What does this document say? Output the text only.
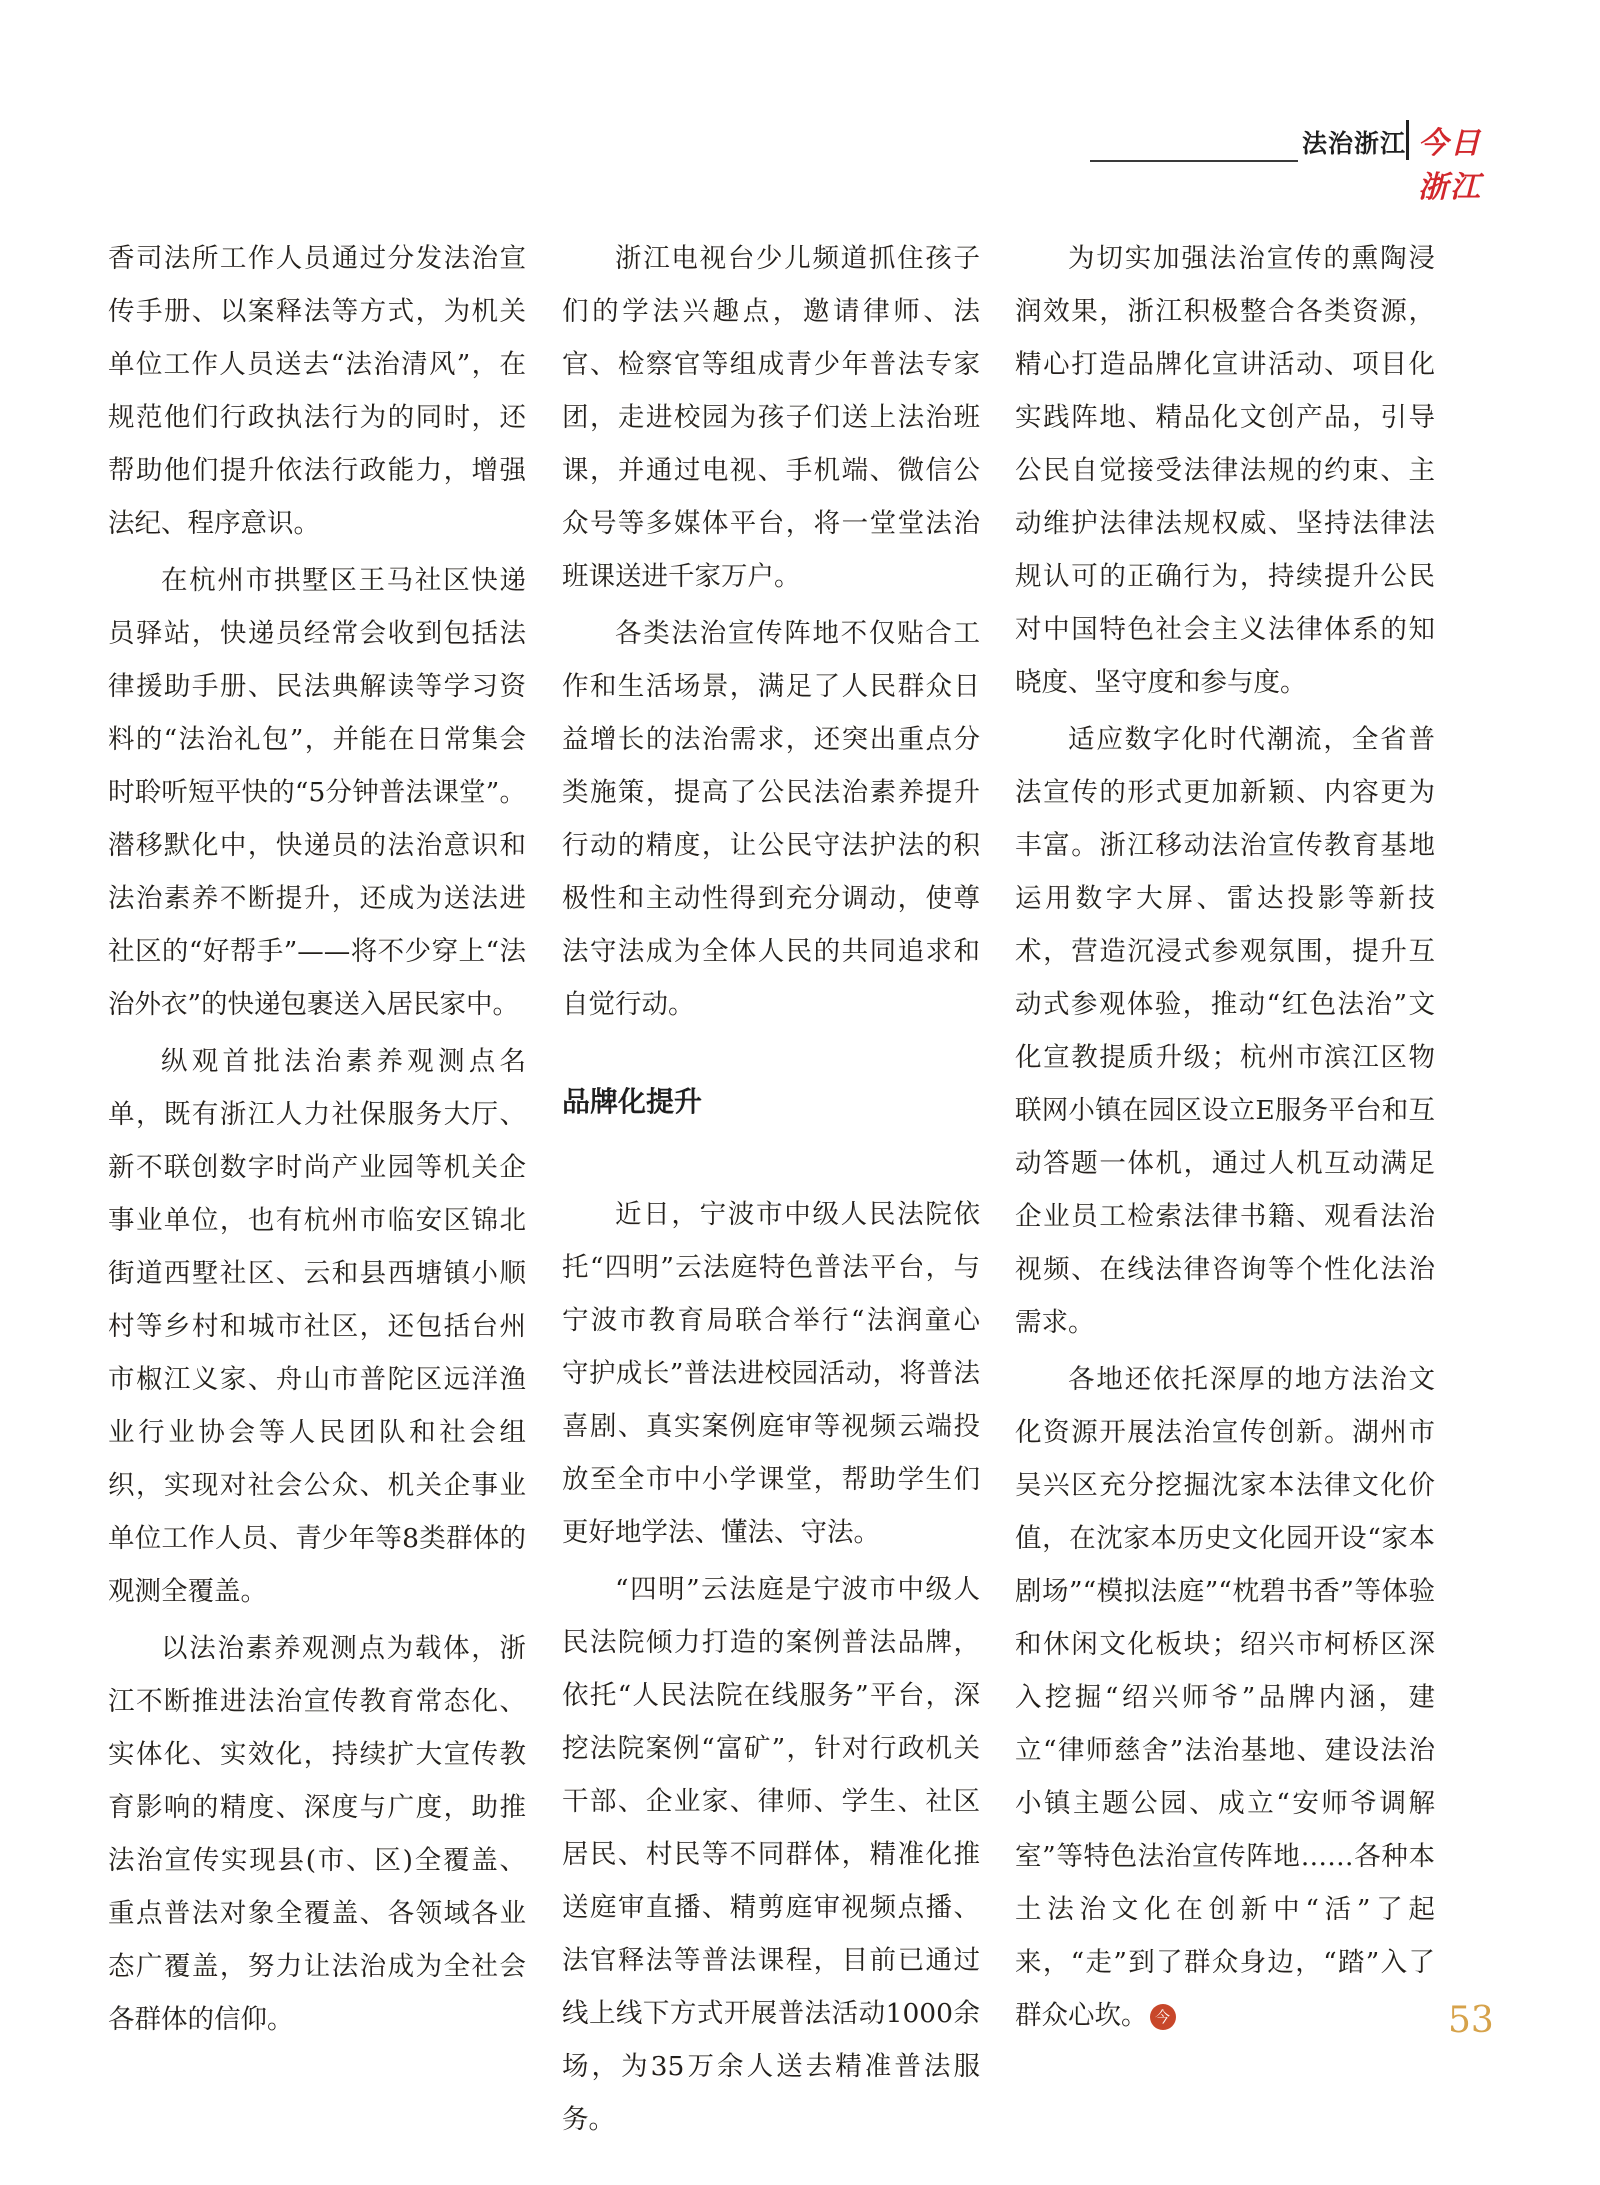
法治浙江 今日浙江

香司法所工作人员通过分发法治宣传手册、以案释法等方式，为机关单位工作人员送去“法治清风”，在规范他们行政执法行为的同时，还帮助他们提升依法行政能力，增强法纪、程序意识。

在杭州市拱墅区王马社区快递员驿站，快递员经常会收到包括法律援助手册、民法典解读等学习资料的“法治礼包”，并能在日常集会时聆听短平快的“5分钟普法课堂”。潜移默化中，快递员的法治意识和法治素养不断提升，还成为送法进社区的“好帮手”——将不少穿上“法治外衣”的快递包裹送入居民家中。

纵观首批法治素养观测点名单，既有浙江人力社保服务大厅、新不联创数字时尚产业园等机关企事业单位，也有杭州市临安区锦北街道西墅社区、云和县西塘镇小顺村等乡村和城市社区，还包括台州市椒江义家、舟山市普陀区远洋渔业行业协会等人民团队和社会组织，实现对社会公众、机关企事业单位工作人员、青少年等8类群体的观测全覆盖。

以法治素养观测点为载体，浙江不断推进法治宣传教育常态化、实体化、实效化，持续扩大宣传教育影响的精度、深度与广度，助推法治宣传实现县(市、区)全覆盖、重点普法对象全覆盖、各领域各业态广覆盖，努力让法治成为全社会各群体的信仰。

浙江电视台少儿频道抓住孩子们的学法兴趣点，邀请律师、法官、检察官等组成青少年普法专家团，走进校园为孩子们送上法治班课，并通过电视、手机端、微信公众号等多媒体平台，将一堂堂法治班课送进千家万户。

各类法治宣传阵地不仅贴合工作和生活场景，满足了人民群众日益增长的法治需求，还突出重点分类施策，提高了公民法治素养提升行动的精度，让公民守法护法的积极性和主动性得到充分调动，使尊法守法成为全体人民的共同追求和自觉行动。

品牌化提升

近日，宁波市中级人民法院依托“四明”云法庭特色普法平台，与宁波市教育局联合举行“法润童心 守护成长”普法进校园活动，将普法喜剧、真实案例庭审等视频云端投放至全市中小学课堂，帮助学生们更好地学法、懂法、守法。

“四明”云法庭是宁波市中级人民法院倾力打造的案例普法品牌，依托“人民法院在线服务”平台，深挖法院案例“富矿”，针对行政机关干部、企业家、律师、学生、社区居民、村民等不同群体，精准化推送庭审直播、精剪庭审视频点播、法官释法等普法课程，目前已通过线上线下方式开展普法活动1000余场，为35万余人送去精准普法服务。

为切实加强法治宣传的熏陶浸润效果，浙江积极整合各类资源，精心打造品牌化宣讲活动、项目化实践阵地、精品化文创产品，引导公民自觉接受法律法规的约束、主动维护法律法规权威、坚持法律法规认可的正确行为，持续提升公民对中国特色社会主义法律体系的知晓度、坚守度和参与度。

适应数字化时代潮流，全省普法宣传的形式更加新颖、内容更为丰富。浙江移动法治宣传教育基地运用数字大屏、雷达投影等新技术，营造沉浸式参观氛围，提升互动式参观体验，推动“红色法治”文化宣教提质升级；杭州市滨江区物联网小镇在园区设立E服务平台和互动答题一体机，通过人机互动满足企业员工检索法律书籍、观看法治视频、在线法律咨询等个性化法治需求。

各地还依托深厚的地方法治文化资源开展法治宣传创新。湖州市吴兴区充分挖掘沈家本法律文化价值，在沈家本历史文化园开设“家本剧场”“模拟法庭”“枕碧书香”等体验和休闲文化板块；绍兴市柯桥区深入挖掘“绍兴师爷”品牌内涵，建立“律师慈舍”法治基地、建设法治小镇主题公园、成立“安师爷调解室”等特色法治宣传阵地……各种本土法治文化在创新中“活”了起来，“走”到了群众身边，“踏”入了群众心坎。 今	53
